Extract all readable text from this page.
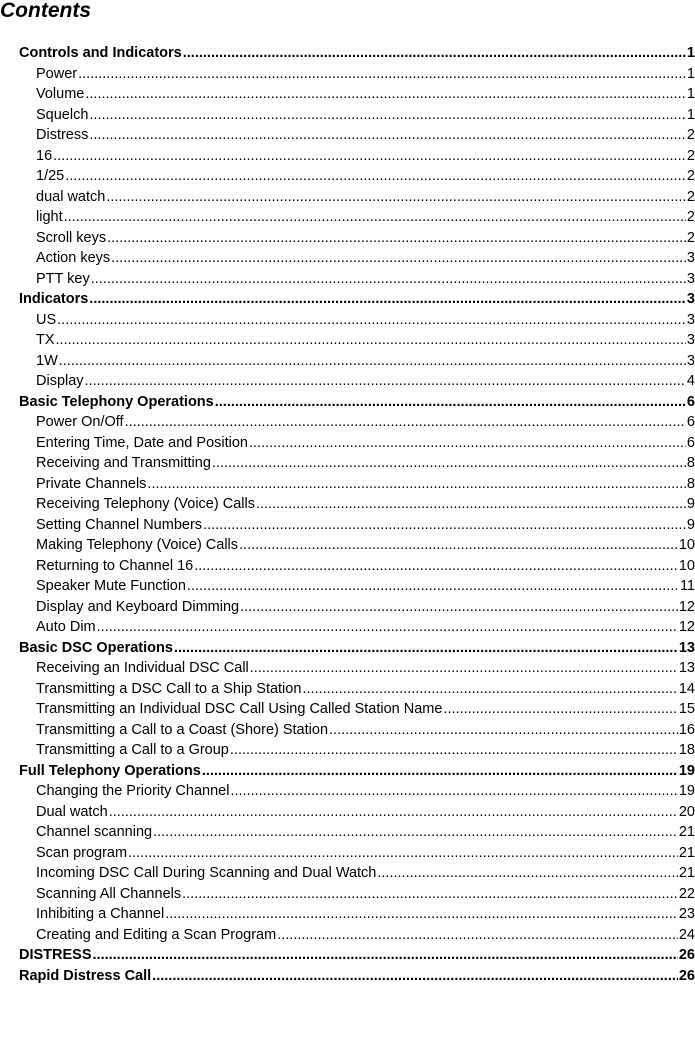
Contents
Controls and Indicators .....	1
Power .....	1
Volume .....	1
Squelch .....	1
Distress .....	2
16 .....	2
1/25 .....	2
dual watch .....	2
light .....	2
Scroll keys .....	2
Action keys .....	3
PTT key .....	3
Indicators .....	3
US .....	3
TX .....	3
1W .....	3
Display .....	4
Basic Telephony Operations .....	6
Power On/Off .....	6
Entering Time, Date and Position .....	6
Receiving and Transmitting .....	8
Private Channels .....	8
Receiving Telephony (Voice) Calls .....	9
Setting Channel Numbers .....	9
Making Telephony (Voice) Calls .....	10
Returning to Channel 16 .....	10
Speaker Mute Function .....	11
Display and Keyboard Dimming .....	12
Auto Dim .....	12
Basic DSC Operations .....	13
Receiving an Individual DSC Call .....	13
Transmitting a DSC Call to a Ship Station .....	14
Transmitting an Individual DSC Call Using Called Station Name .....	15
Transmitting a Call to a Coast (Shore) Station .....	16
Transmitting a Call to a Group .....	18
Full Telephony Operations .....	19
Changing the Priority Channel .....	19
Dual watch .....	20
Channel scanning .....	21
Scan program .....	21
Incoming DSC Call During Scanning and Dual Watch .....	21
Scanning All Channels .....	22
Inhibiting a Channel .....	23
Creating and Editing a Scan Program .....	24
DISTRESS .....	26
Rapid Distress Call .....	26
